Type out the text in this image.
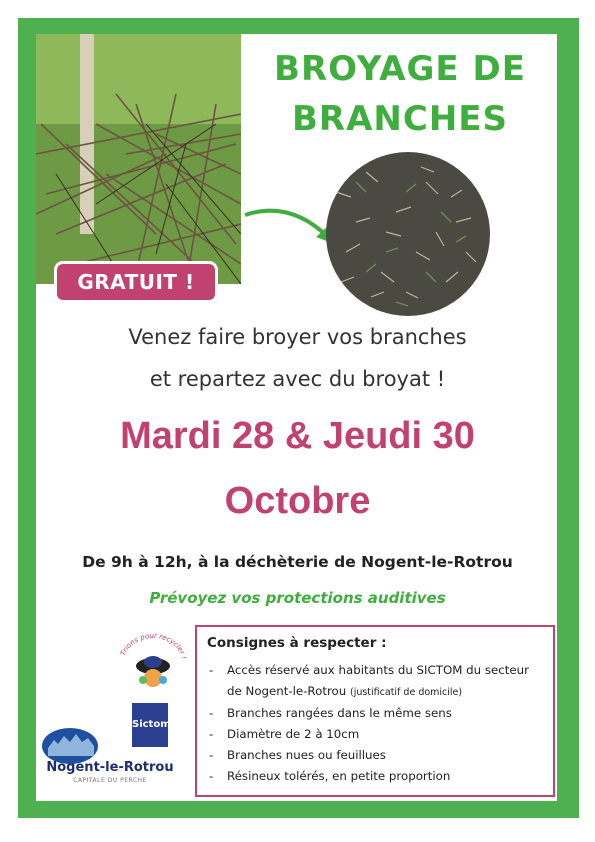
BROYAGE DE
BRANCHES
GRATUIT !
Venez faire broyer vos branches
et repartez avec du broyat !
Mardi 28 & Jeudi 30
Octobre
De 9h à 12h, à la déchèterie de Nogent-le-Rotrou
Prévoyez vos protections auditives
Consignes à respecter :
- Accès réservé aux habitants du SICTOM du secteur de Nogent-le-Rotrou (justificatif de domicile)
- Branches rangées dans le même sens
- Diamètre de 2 à 10cm
- Branches nues ou feuillues
- Résineux tolérés, en petite proportion
Trions pour recycler !
Sictom
Nogent-le-Rotrou
CAPITALE DU PERCHE
